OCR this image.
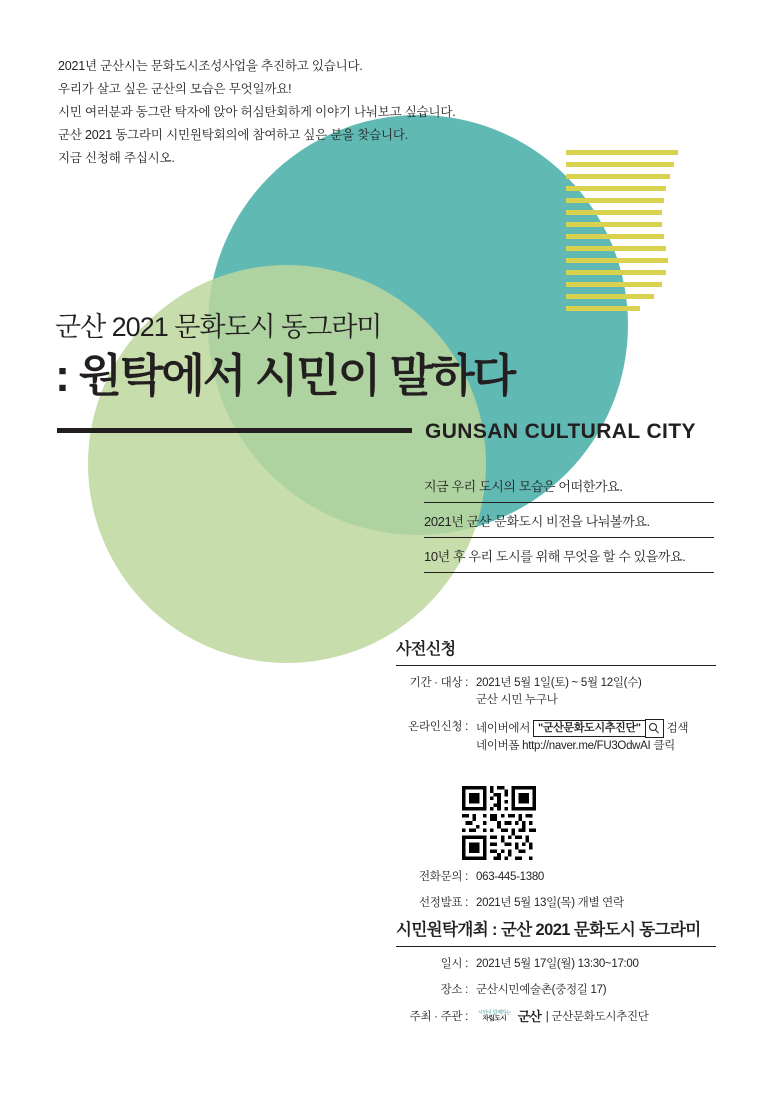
2021년 군산시는 문화도시조성사업을 추진하고 있습니다.

우리가 살고 싶은 군산의 모습은 무엇일까요!

시민 여러분과 동그란 탁자에 앉아 허심탄회하게 이야기 나눠보고 싶습니다.

군산 2021 동그라미 시민원탁회의에 참여하고 싶은 분을 찾습니다.

지금 신청해 주십시오.

군산 2021 문화도시 동그라미
: 원탁에서 시민이 말하다
GUNSAN CULTURAL CITY
지금 우리 도시의 모습은 어떠한가요.
2021년 군산 문화도시 비전을 나눠볼까요.
10년 후 우리 도시를 위해 무엇을 할 수 있을까요.
사전신청
기간 · 대상 : 2021년 5월 1일(토) ~ 5월 12일(수)
군산 시민 누구나
온라인신청 : 네이버에서 "군산문화도시추진단" 검색
네이버폼 http://naver.me/FU3OdwAI 클릭
전화문의 : 063-445-1380
선정발표 : 2021년 5월 13일(목) 개별 연락
시민원탁개최 : 군산 2021 문화도시 동그라미
일시 : 2021년 5월 17일(월) 13:30~17:00
장소 : 군산시민예술촌(중정길 17)
주최 · 주관 :	시민이 함께하는
자립도시
군산 | 군산문화도시추진단
